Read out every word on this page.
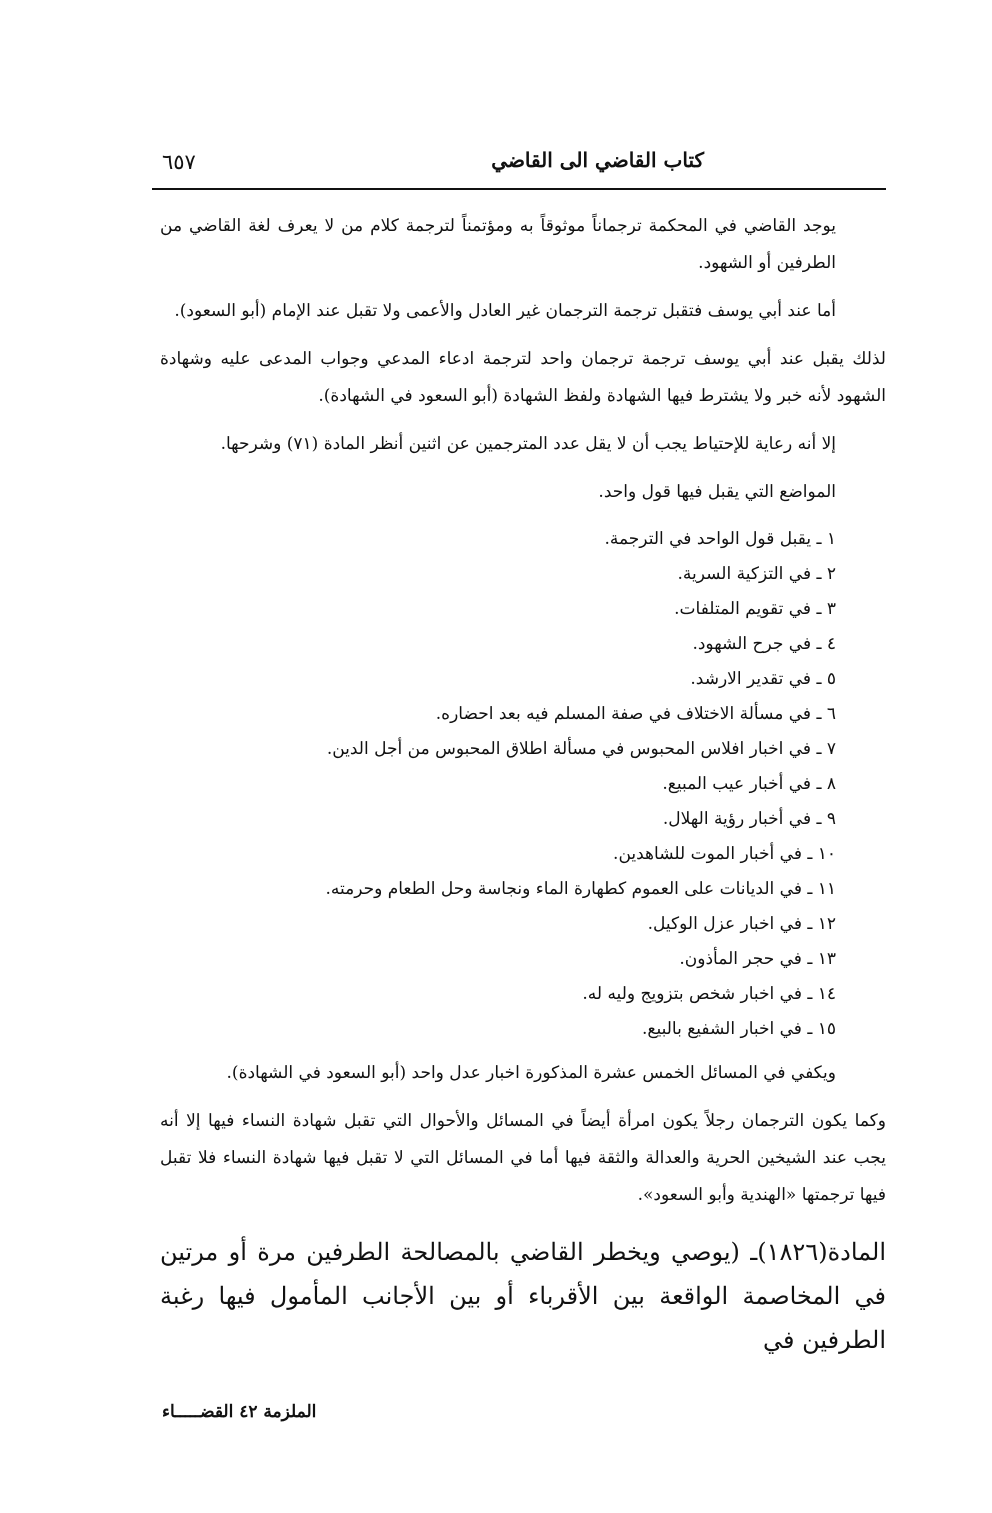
كتاب القاضي الى القاضي
٦٥٧

يوجد القاضي في المحكمة ترجماناً موثوقاً به ومؤتمناً لترجمة كلام من لا يعرف لغة القاضي من الطرفين أو الشهود.

أما عند أبي يوسف فتقبل ترجمة الترجمان غير العادل والأعمى ولا تقبل عند الإمام (أبو السعود).

لذلك يقبل عند أبي يوسف ترجمة ترجمان واحد لترجمة ادعاء المدعي وجواب المدعى عليه وشهادة الشهود لأنه خبر ولا يشترط فيها الشهادة ولفظ الشهادة (أبو السعود في الشهادة).

إلا أنه رعاية للإحتياط يجب أن لا يقل عدد المترجمين عن اثنين أنظر المادة (٧١) وشرحها.

المواضع التي يقبل فيها قول واحد.

١ ـ يقبل قول الواحد في الترجمة.
٢ ـ في التزكية السرية.
٣ ـ في تقويم المتلفات.
٤ ـ في جرح الشهود.
٥ ـ في تقدير الارشد.
٦ ـ في مسألة الاختلاف في صفة المسلم فيه بعد احضاره.
٧ ـ في اخبار افلاس المحبوس في مسألة اطلاق المحبوس من أجل الدين.
٨ ـ في أخبار عيب المبيع.
٩ ـ في أخبار رؤية الهلال.
١٠ ـ في أخبار الموت للشاهدين.
١١ ـ في الديانات على العموم كطهارة الماء ونجاسة وحل الطعام وحرمته.
١٢ ـ في اخبار عزل الوكيل.
١٣ ـ في حجر المأذون.
١٤ ـ في اخبار شخص بتزويج وليه له.
١٥ ـ في اخبار الشفيع بالبيع.

ويكفي في المسائل الخمس عشرة المذكورة اخبار عدل واحد (أبو السعود في الشهادة).

وكما يكون الترجمان رجلاً يكون امرأة أيضاً في المسائل والأحوال التي تقبل شهادة النساء فيها إلا أنه يجب عند الشيخين الحرية والعدالة والثقة فيها أما في المسائل التي لا تقبل فيها شهادة النساء فلا تقبل فيها ترجمتها «الهندية وأبو السعود».

المادة(١٨٢٦)ـ (يوصي ويخطر القاضي بالمصالحة الطرفين مرة أو مرتين في المخاصمة الواقعة بين الأقرباء أو بين الأجانب المأمول فيها رغبة الطرفين في

الملزمة ٤٢ القضـــــاء
